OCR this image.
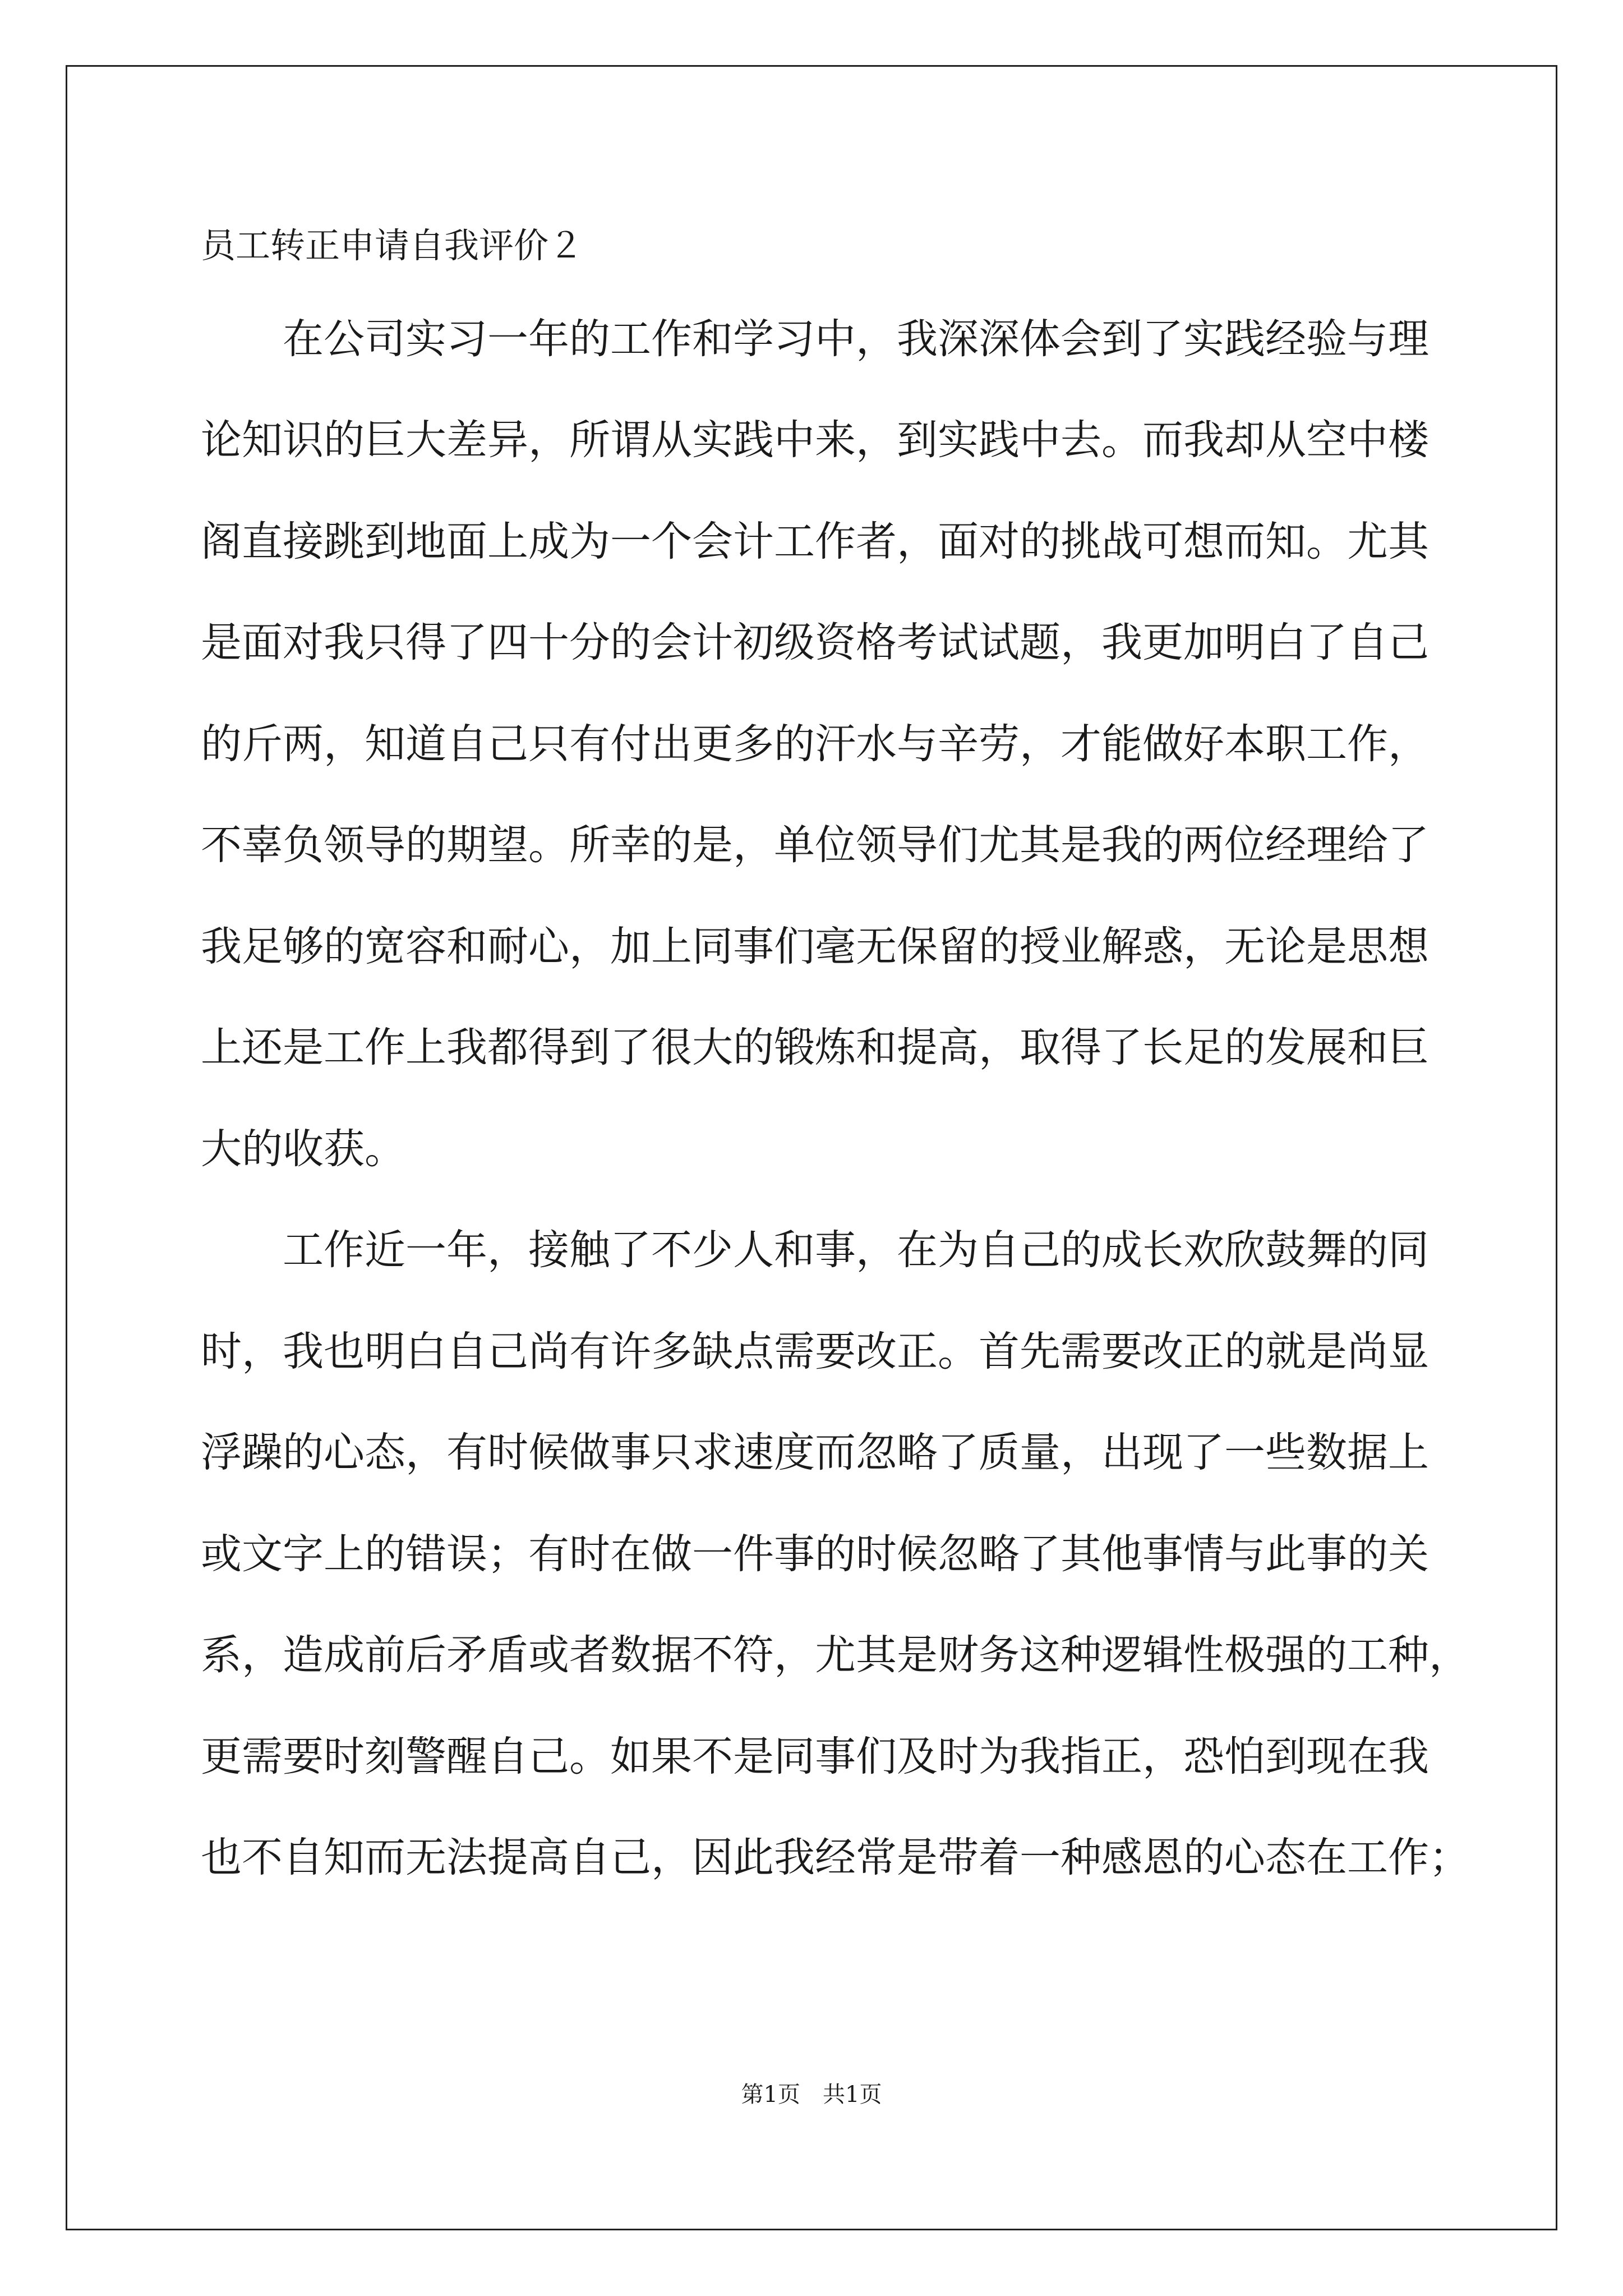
员工转正申请自我评价２

　　在公司实习一年的工作和学习中，我深深体会到了实践经验与理

论知识的巨大差异，所谓从实践中来，到实践中去。而我却从空中楼

阁直接跳到地面上成为一个会计工作者，面对的挑战可想而知。尤其

是面对我只得了四十分的会计初级资格考试试题，我更加明白了自己

的斤两，知道自己只有付出更多的汗水与辛劳，才能做好本职工作，

不辜负领导的期望。所幸的是，单位领导们尤其是我的两位经理给了

我足够的宽容和耐心，加上同事们毫无保留的授业解惑，无论是思想

上还是工作上我都得到了很大的锻炼和提高，取得了长足的发展和巨

大的收获。

　　工作近一年，接触了不少人和事，在为自己的成长欢欣鼓舞的同

时，我也明白自己尚有许多缺点需要改正。首先需要改正的就是尚显

浮躁的心态，有时候做事只求速度而忽略了质量，出现了一些数据上

或文字上的错误；有时在做一件事的时候忽略了其他事情与此事的关

系，造成前后矛盾或者数据不符，尤其是财务这种逻辑性极强的工种，

更需要时刻警醒自己。如果不是同事们及时为我指正，恐怕到现在我

也不自知而无法提高自己，因此我经常是带着一种感恩的心态在工作；

第1页　共1页
